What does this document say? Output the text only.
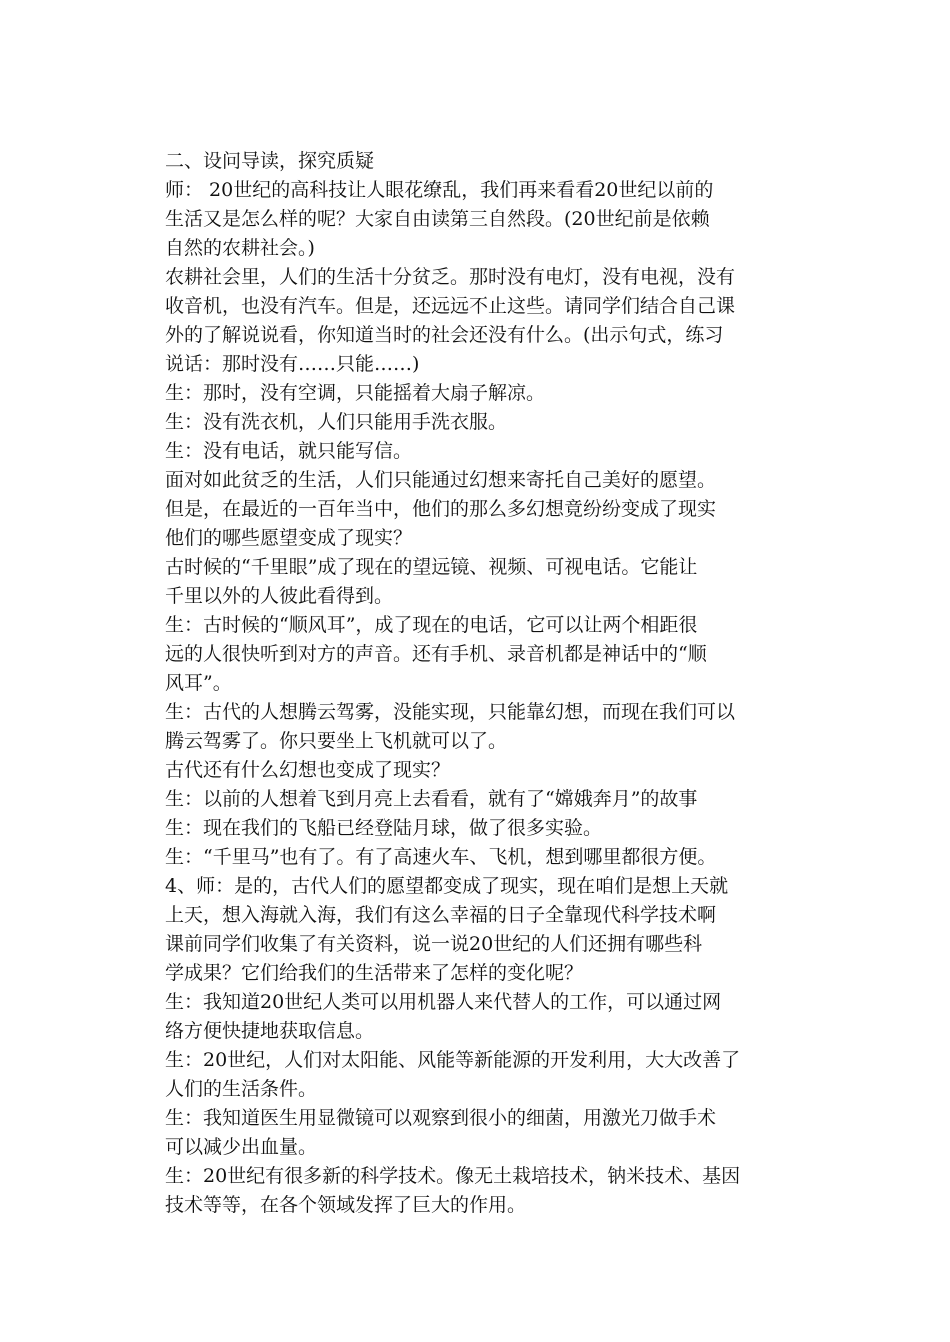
二、设问导读，探究质疑

师： 20世纪的高科技让人眼花缭乱，我们再来看看20世纪以前的

生活又是怎么样的呢？大家自由读第三自然段。(20世纪前是依赖

自然的农耕社会。)

农耕社会里，人们的生活十分贫乏。那时没有电灯，没有电视，没有

收音机，也没有汽车。但是，还远远不止这些。请同学们结合自己课

外的了解说说看，你知道当时的社会还没有什么。(出示句式，练习

说话：那时没有……只能……)

生：那时，没有空调，只能摇着大扇子解凉。

生：没有洗衣机，人们只能用手洗衣服。

生：没有电话，就只能写信。

面对如此贫乏的生活，人们只能通过幻想来寄托自己美好的愿望。

但是，在最近的一百年当中，他们的那么多幻想竟纷纷变成了现实

他们的哪些愿望变成了现实？

古时候的“千里眼”成了现在的望远镜、视频、可视电话。它能让

千里以外的人彼此看得到。

生：古时候的“顺风耳”，成了现在的电话，它可以让两个相距很

远的人很快听到对方的声音。还有手机、录音机都是神话中的“顺

风耳”。

生：古代的人想腾云驾雾，没能实现，只能靠幻想，而现在我们可以

腾云驾雾了。你只要坐上飞机就可以了。

古代还有什么幻想也变成了现实？

生：以前的人想着飞到月亮上去看看，就有了“嫦娥奔月”的故事

生：现在我们的飞船已经登陆月球，做了很多实验。

生：“千里马”也有了。有了高速火车、飞机，想到哪里都很方便。

4、师：是的，古代人们的愿望都变成了现实，现在咱们是想上天就

上天，想入海就入海，我们有这么幸福的日子全靠现代科学技术啊

课前同学们收集了有关资料，说一说20世纪的人们还拥有哪些科

学成果？它们给我们的生活带来了怎样的变化呢？

生：我知道20世纪人类可以用机器人来代替人的工作，可以通过网

络方便快捷地获取信息。

生：20世纪，人们对太阳能、风能等新能源的开发利用，大大改善了

人们的生活条件。

生：我知道医生用显微镜可以观察到很小的细菌，用激光刀做手术

可以减少出血量。

生：20世纪有很多新的科学技术。像无土栽培技术，钠米技术、基因

技术等等，在各个领域发挥了巨大的作用。
